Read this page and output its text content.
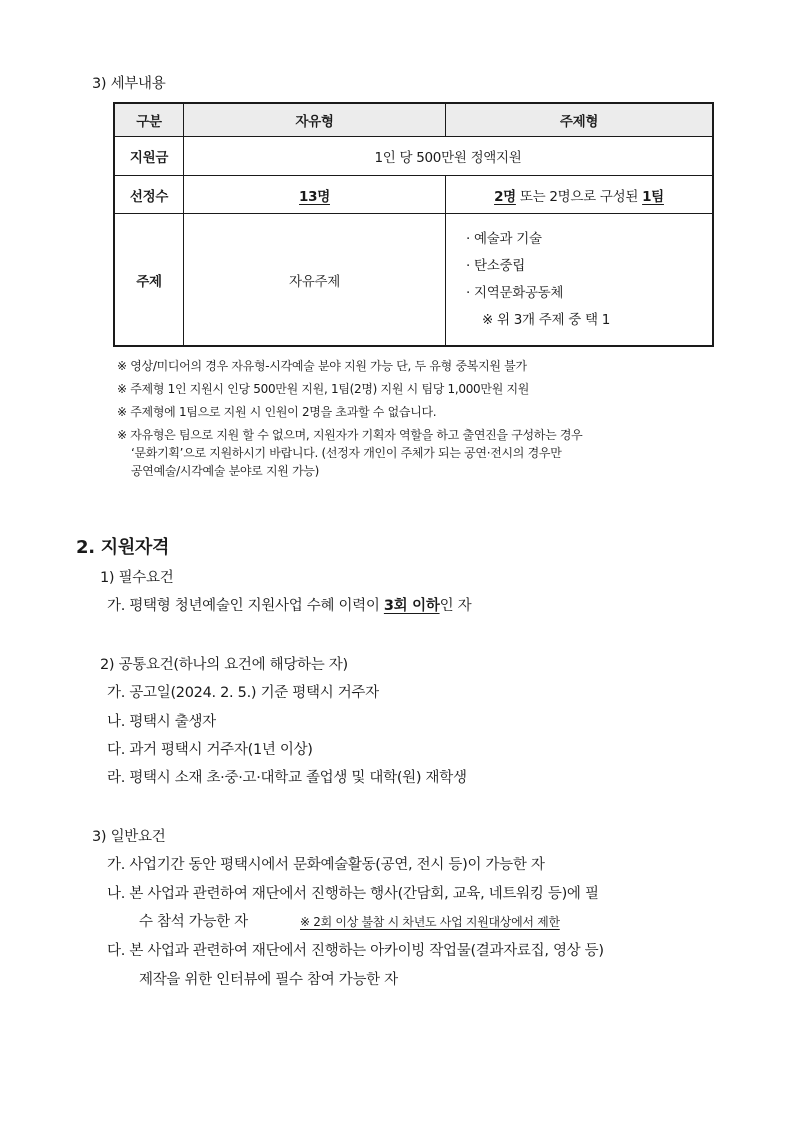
3) 세부내용
구분	자유형	주제형
지원금	1인 당 500만원 정액지원	
선정수	13명	2명 또는 2명으로 구성된 1팀
주제	자유주제	· 예술과 기술
· 탄소중립
· 지역문화공동체
※ 위 3개 주제 중 택 1
※ 영상/미디어의 경우 자유형-시각예술 분야 지원 가능 단, 두 유형 중복지원 불가
※ 주제형 1인 지원시 인당 500만원 지원, 1팀(2명) 지원 시 팀당 1,000만원 지원
※ 주제형에 1팀으로 지원 시 인원이 2명을 초과할 수 없습니다.
※ 자유형은 팀으로 지원 할 수 없으며, 지원자가 기획자 역할을 하고 출연진을 구성하는 경우
‘문화기획’으로 지원하시기 바랍니다. (선정자 개인이 주체가 되는 공연·전시의 경우만
공연예술/시각예술 분야로 지원 가능)
2. 지원자격
1) 필수요건
가. 평택형 청년예술인 지원사업 수혜 이력이 3회 이하인 자
2) 공통요건(하나의 요건에 해당하는 자)
가. 공고일(2024. 2. 5.) 기준 평택시 거주자
나. 평택시 출생자
다. 과거 평택시 거주자(1년 이상)
라. 평택시 소재 초·중·고·대학교 졸업생 및 대학(원) 재학생
3) 일반요건
가. 사업기간 동안 평택시에서 문화예술활동(공연, 전시 등)이 가능한 자
나. 본 사업과 관련하여 재단에서 진행하는 행사(간담회, 교육, 네트워킹 등)에 필
수 참석 가능한 자	※ 2회 이상 불참 시 차년도 사업 지원대상에서 제한
다. 본 사업과 관련하여 재단에서 진행하는 아카이빙 작업물(결과자료집, 영상 등)
제작을 위한 인터뷰에 필수 참여 가능한 자
